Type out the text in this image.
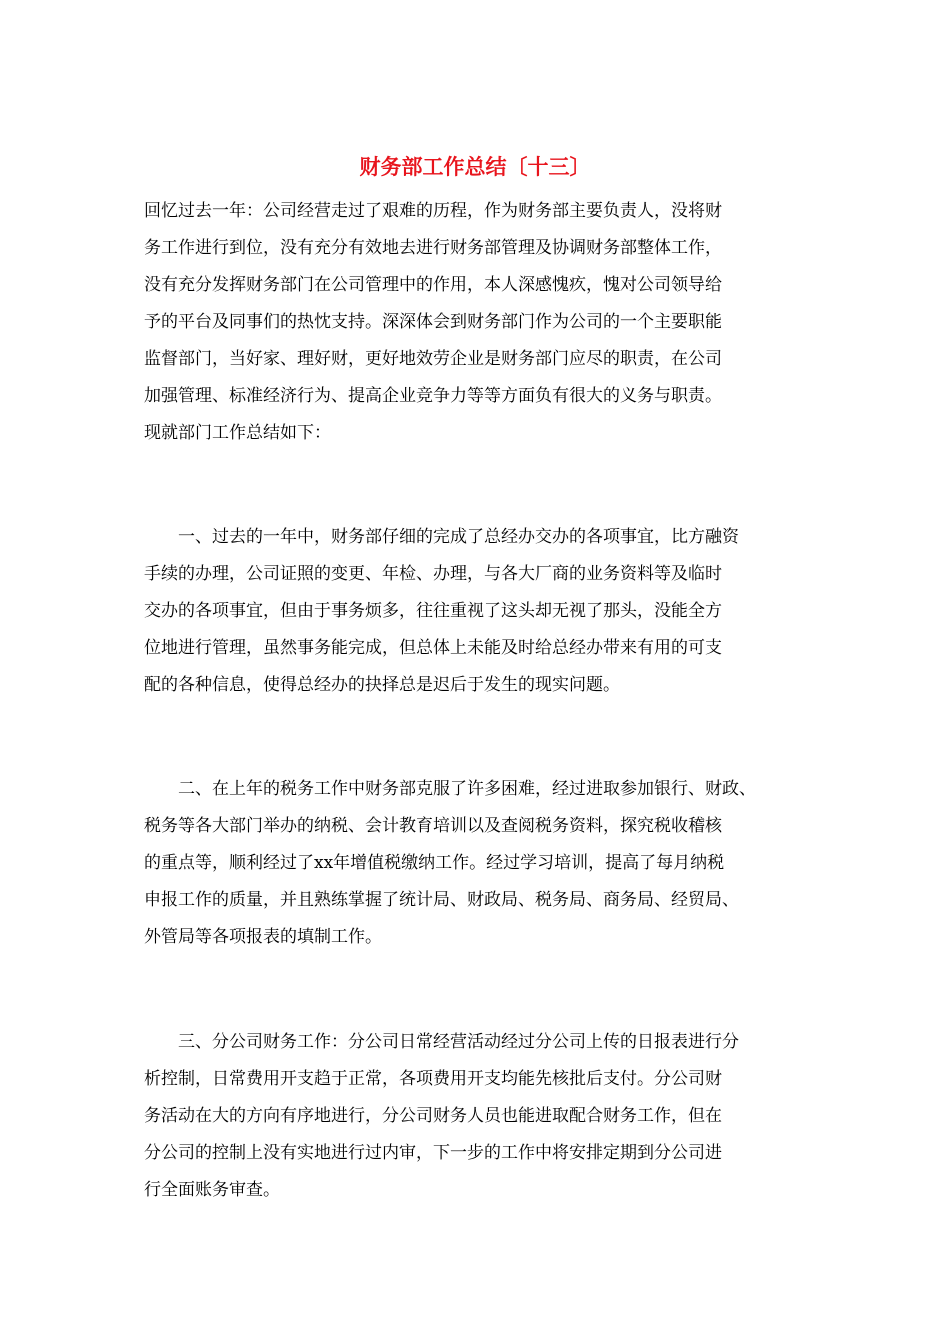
财务部工作总结〔十三〕
回忆过去一年：公司经营走过了艰难的历程，作为财务部主要负责人，没将财
务工作进行到位，没有充分有效地去进行财务部管理及协调财务部整体工作，
没有充分发挥财务部门在公司管理中的作用，本人深感愧疚，愧对公司领导给
予的平台及同事们的热忱支持。深深体会到财务部门作为公司的一个主要职能
监督部门，当好家、理好财，更好地效劳企业是财务部门应尽的职责，在公司
加强管理、标准经济行为、提高企业竞争力等等方面负有很大的义务与职责。
现就部门工作总结如下：
　　一、过去的一年中，财务部仔细的完成了总经办交办的各项事宜，比方融资
手续的办理，公司证照的变更、年检、办理，与各大厂商的业务资料等及临时
交办的各项事宜，但由于事务烦多，往往重视了这头却无视了那头，没能全方
位地进行管理，虽然事务能完成，但总体上未能及时给总经办带来有用的可支
配的各种信息，使得总经办的抉择总是迟后于发生的现实问题。
　　二、在上年的税务工作中财务部克服了许多困难，经过进取参加银行、财政、
税务等各大部门举办的纳税、会计教育培训以及查阅税务资料，探究税收稽核
的重点等，顺利经过了xx年增值税缴纳工作。经过学习培训，提高了每月纳税
申报工作的质量，并且熟练掌握了统计局、财政局、税务局、商务局、经贸局、
外管局等各项报表的填制工作。
　　三、分公司财务工作：分公司日常经营活动经过分公司上传的日报表进行分
析控制，日常费用开支趋于正常，各项费用开支均能先核批后支付。分公司财
务活动在大的方向有序地进行，分公司财务人员也能进取配合财务工作，但在
分公司的控制上没有实地进行过内审，下一步的工作中将安排定期到分公司进
行全面账务审查。
